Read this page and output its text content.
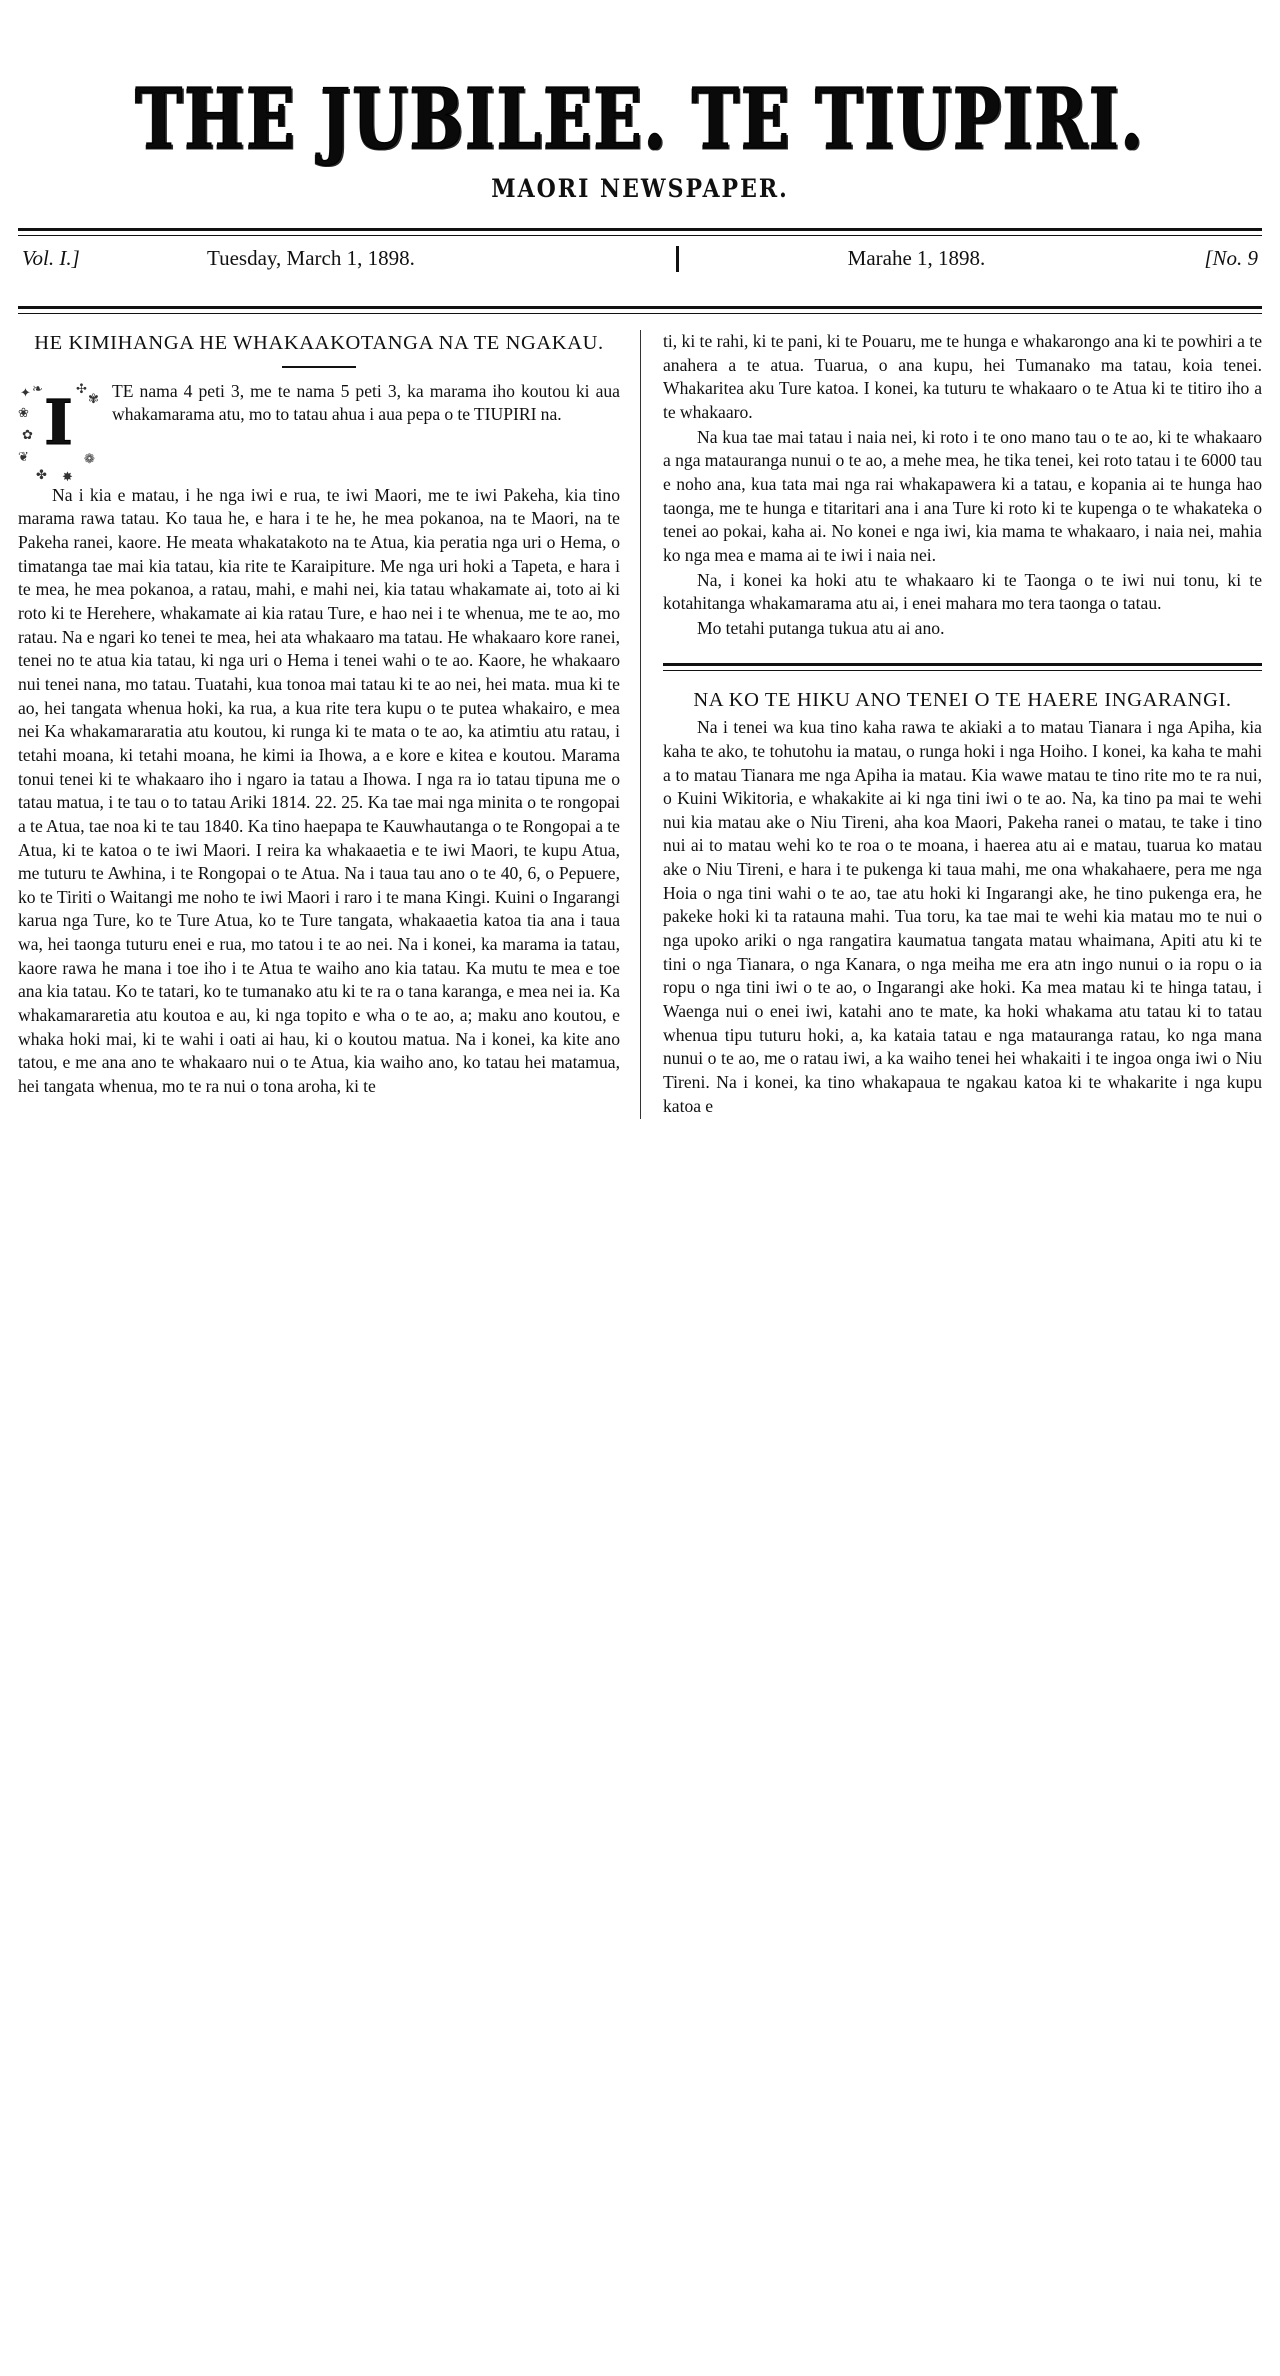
THE JUBILEE. TE TIUPIRI.
MAORI NEWSPAPER.
Vol. I.]	Tuesday, March 1, 1898.	Marahe 1, 1898.	[No. 9
HE KIMIHANGA HE WHAKAAKOTANGA NA TE NGAKAU.
✦ ❧
❀
✿
❦
✤ ✸
❁
✾
✣
I	TE nama 4 peti 3, me te nama 5 peti 3, ka marama iho koutou ki aua whakamarama atu, mo to tatau ahua i aua pepa o te TIUPIRI na.

Na i kia e matau, i he nga iwi e rua, te iwi Maori, me te iwi Pakeha, kia tino marama rawa tatau. Ko taua he, e hara i te he, he mea pokanoa, na te Maori, na te Pakeha ranei, kaore. He meata whakatakoto na te Atua, kia peratia nga uri o Hema, o timatanga tae mai kia tatau, kia rite te Karaipiture. Me nga uri hoki a Tapeta, e hara i te mea, he mea pokanoa, a ratau, mahi, e mahi nei, kia tatau whakamate ai, toto ai ki roto ki te Herehere, whakamate ai kia ratau Ture, e hao nei i te whenua, me te ao, mo ratau. Na e ngari ko tenei te mea, hei ata whakaaro ma tatau. He whakaaro kore ranei, tenei no te atua kia tatau, ki nga uri o Hema i tenei wahi o te ao. Kaore, he whakaaro nui tenei nana, mo tatau. Tuatahi, kua tonoa mai tatau ki te ao nei, hei mata. mua ki te ao, hei tangata whenua hoki, ka rua, a kua rite tera kupu o te putea whakairo, e mea nei Ka whakamararatia atu koutou, ki runga ki te mata o te ao, ka atimtiu atu ratau, i tetahi moana, ki tetahi moana, he kimi ia Ihowa, a e kore e kitea e koutou. Marama tonui tenei ki te whakaaro iho i ngaro ia tatau a Ihowa. I nga ra io tatau tipuna me o tatau matua, i te tau o to tatau Ariki 1814. 22. 25. Ka tae mai nga minita o te rongopai a te Atua, tae noa ki te tau 1840. Ka tino haepapa te Kauwhautanga o te Rongopai a te Atua, ki te katoa o te iwi Maori. I reira ka whakaaetia e te iwi Maori, te kupu Atua, me tuturu te Awhina, i te Rongopai o te Atua. Na i taua tau ano o te 40, 6, o Pepuere, ko te Tiriti o Waitangi me noho te iwi Maori i raro i te mana Kingi. Kuini o Ingarangi karua nga Ture, ko te Ture Atua, ko te Ture tangata, whakaaetia katoa tia ana i taua wa, hei taonga tuturu enei e rua, mo tatou i te ao nei. Na i konei, ka marama ia tatau, kaore rawa he mana i toe iho i te Atua te waiho ano kia tatau. Ka mutu te mea e toe ana kia tatau. Ko te tatari, ko te tumanako atu ki te ra o tana karanga, e mea nei ia. Ka whakamararetia atu koutoa e au, ki nga topito e wha o te ao, a; maku ano koutou, e whaka hoki mai, ki te wahi i oati ai hau, ki o koutou matua. Na i konei, ka kite ano tatou, e me ana ano te whakaaro nui o te Atua, kia waiho ano, ko tatau hei matamua, hei tangata whenua, mo te ra nui o tona aroha, ki te

ti, ki te rahi, ki te pani, ki te Pouaru, me te hunga e whakarongo ana ki te powhiri a te anahera a te atua. Tuarua, o ana kupu, hei Tumanako ma tatau, koia tenei. Whakaritea aku Ture katoa. I konei, ka tuturu te whakaaro o te Atua ki te titiro iho a te whakaaro.

Na kua tae mai tatau i naia nei, ki roto i te ono mano tau o te ao, ki te whakaaro a nga matauranga nunui o te ao, a mehe mea, he tika tenei, kei roto tatau i te 6000 tau e noho ana, kua tata mai nga rai whakapawera ki a tatau, e kopania ai te hunga hao taonga, me te hunga e titaritari ana i ana Ture ki roto ki te kupenga o te whakateka o tenei ao pokai, kaha ai. No konei e nga iwi, kia mama te whakaaro, i naia nei, mahia ko nga mea e mama ai te iwi i naia nei.

Na, i konei ka hoki atu te whakaaro ki te Taonga o te iwi nui tonu, ki te kotahitanga whakamarama atu ai, i enei mahara mo tera taonga o tatau.

Mo tetahi putanga tukua atu ai ano.

NA KO TE HIKU ANO TENEI O TE HAERE INGARANGI.

Na i tenei wa kua tino kaha rawa te akiaki a to matau Tianara i nga Apiha, kia kaha te ako, te tohutohu ia matau, o runga hoki i nga Hoiho. I konei, ka kaha te mahi a to matau Tianara me nga Apiha ia matau. Kia wawe matau te tino rite mo te ra nui, o Kuini Wikitoria, e whakakite ai ki nga tini iwi o te ao. Na, ka tino pa mai te wehi nui kia matau ake o Niu Tireni, aha koa Maori, Pakeha ranei o matau, te take i tino nui ai to matau wehi ko te roa o te moana, i haerea atu ai e matau, tuarua ko matau ake o Niu Tireni, e hara i te pukenga ki taua mahi, me ona whakahaere, pera me nga Hoia o nga tini wahi o te ao, tae atu hoki ki Ingarangi ake, he tino pukenga era, he pakeke hoki ki ta ratauna mahi. Tua toru, ka tae mai te wehi kia matau mo te nui o nga upoko ariki o nga rangatira kaumatua tangata matau whaimana, Apiti atu ki te tini o nga Tianara, o nga Kanara, o nga meiha me era atn ingo nunui o ia ropu o ia ropu o nga tini iwi o te ao, o Ingarangi ake hoki. Ka mea matau ki te hinga tatau, i Waenga nui o enei iwi, katahi ano te mate, ka hoki whakama atu tatau ki to tatau whenua tipu tuturu hoki, a, ka kataia tatau e nga matauranga ratau, ko nga mana nunui o te ao, me o ratau iwi, a ka waiho tenei hei whakaiti i te ingoa onga iwi o Niu Tireni. Na i konei, ka tino whakapaua te ngakau katoa ki te whakarite i nga kupu katoa e
